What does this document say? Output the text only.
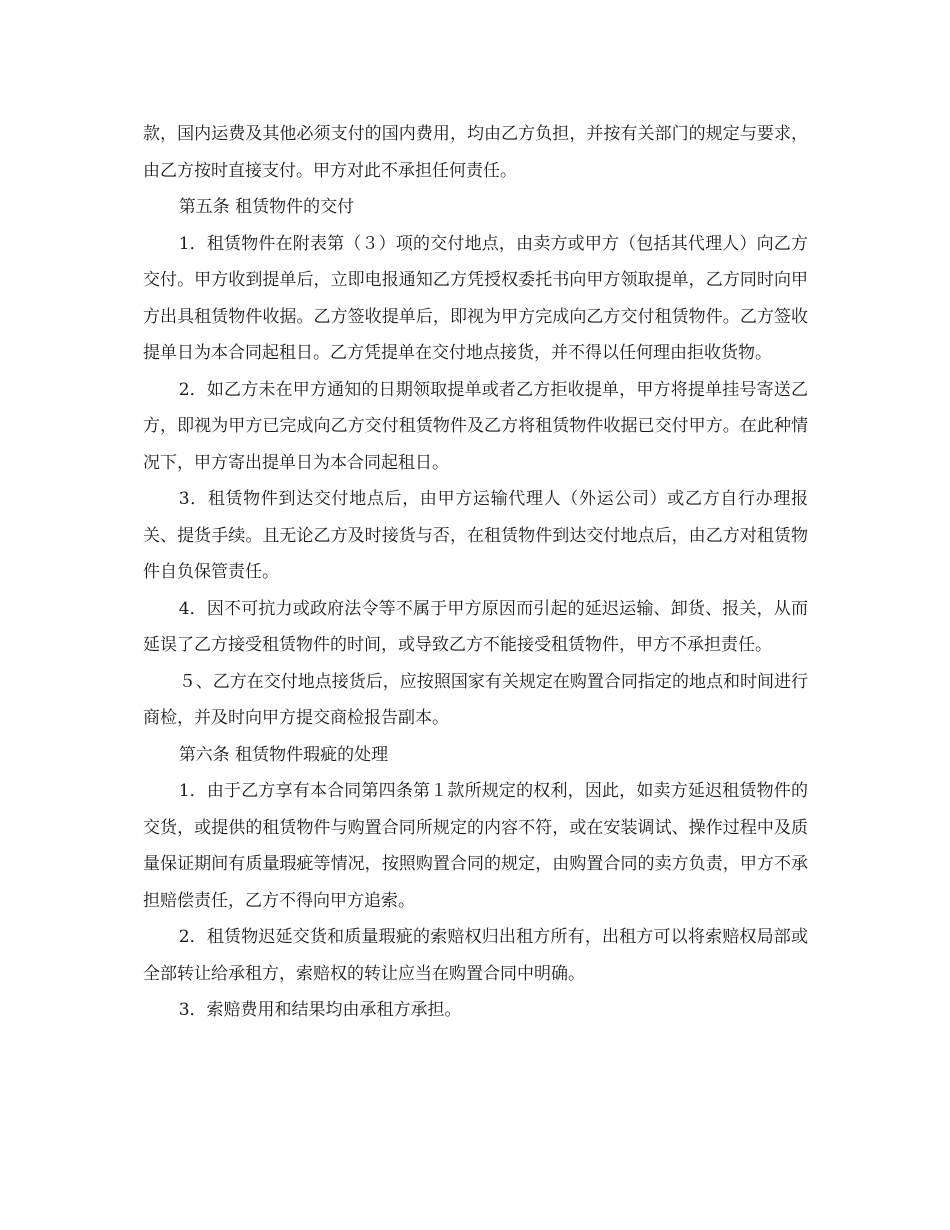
款，国内运费及其他必须支付的国内费用，均由乙方负担，并按有关部门的规定与要求，由乙方按时直接支付。甲方对此不承担任何责任。

第五条 租赁物件的交付

1．租赁物件在附表第（３）项的交付地点，由卖方或甲方（包括其代理人）向乙方交付。甲方收到提单后，立即电报通知乙方凭授权委托书向甲方领取提单，乙方同时向甲方出具租赁物件收据。乙方签收提单后，即视为甲方完成向乙方交付租赁物件。乙方签收提单日为本合同起租日。乙方凭提单在交付地点接货，并不得以任何理由拒收货物。

2．如乙方未在甲方通知的日期领取提单或者乙方拒收提单，甲方将提单挂号寄送乙方，即视为甲方已完成向乙方交付租赁物件及乙方将租赁物件收据已交付甲方。在此种情况下，甲方寄出提单日为本合同起租日。

3．租赁物件到达交付地点后，由甲方运输代理人（外运公司）或乙方自行办理报关、提货手续。且无论乙方及时接货与否，在租赁物件到达交付地点后，由乙方对租赁物件自负保管责任。

4．因不可抗力或政府法令等不属于甲方原因而引起的延迟运输、卸货、报关，从而延误了乙方接受租赁物件的时间，或导致乙方不能接受租赁物件，甲方不承担责任。

５、乙方在交付地点接货后，应按照国家有关规定在购置合同指定的地点和时间进行商检，并及时向甲方提交商检报告副本。

第六条 租赁物件瑕疵的处理

1．由于乙方享有本合同第四条第１款所规定的权利，因此，如卖方延迟租赁物件的交货，或提供的租赁物件与购置合同所规定的内容不符，或在安装调试、操作过程中及质量保证期间有质量瑕疵等情况，按照购置合同的规定，由购置合同的卖方负责，甲方不承担赔偿责任，乙方不得向甲方追索。

2．租赁物迟延交货和质量瑕疵的索赔权归出租方所有，出租方可以将索赔权局部或全部转让给承租方，索赔权的转让应当在购置合同中明确。

3．索赔费用和结果均由承租方承担。
